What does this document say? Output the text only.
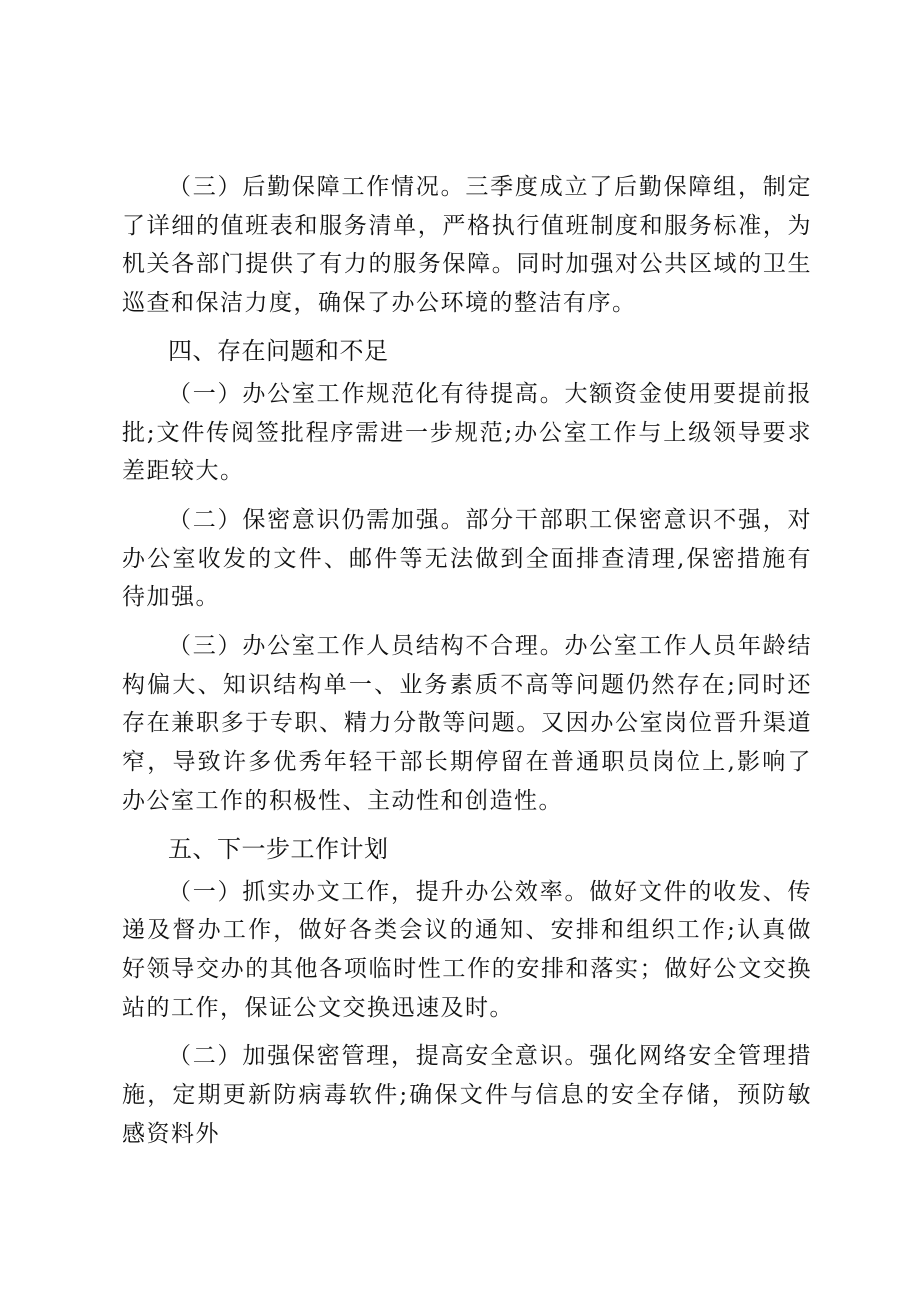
（三）后勤保障工作情况。三季度成立了后勤保障组，制定了详细的值班表和服务清单，严格执行值班制度和服务标准，为机关各部门提供了有力的服务保障。同时加强对公共区域的卫生巡查和保洁力度，确保了办公环境的整洁有序。

四、存在问题和不足

（一）办公室工作规范化有待提高。大额资金使用要提前报批;文件传阅签批程序需进一步规范;办公室工作与上级领导要求差距较大。

（二）保密意识仍需加强。部分干部职工保密意识不强，对办公室收发的文件、邮件等无法做到全面排查清理,保密措施有待加强。

（三）办公室工作人员结构不合理。办公室工作人员年龄结构偏大、知识结构单一、业务素质不高等问题仍然存在;同时还存在兼职多于专职、精力分散等问题。又因办公室岗位晋升渠道窄，导致许多优秀年轻干部长期停留在普通职员岗位上,影响了办公室工作的积极性、主动性和创造性。

五、下一步工作计划

（一）抓实办文工作，提升办公效率。做好文件的收发、传递及督办工作，做好各类会议的通知、安排和组织工作;认真做好领导交办的其他各项临时性工作的安排和落实；做好公文交换站的工作，保证公文交换迅速及时。

（二）加强保密管理，提高安全意识。强化网络安全管理措施，定期更新防病毒软件;确保文件与信息的安全存储，预防敏感资料外
